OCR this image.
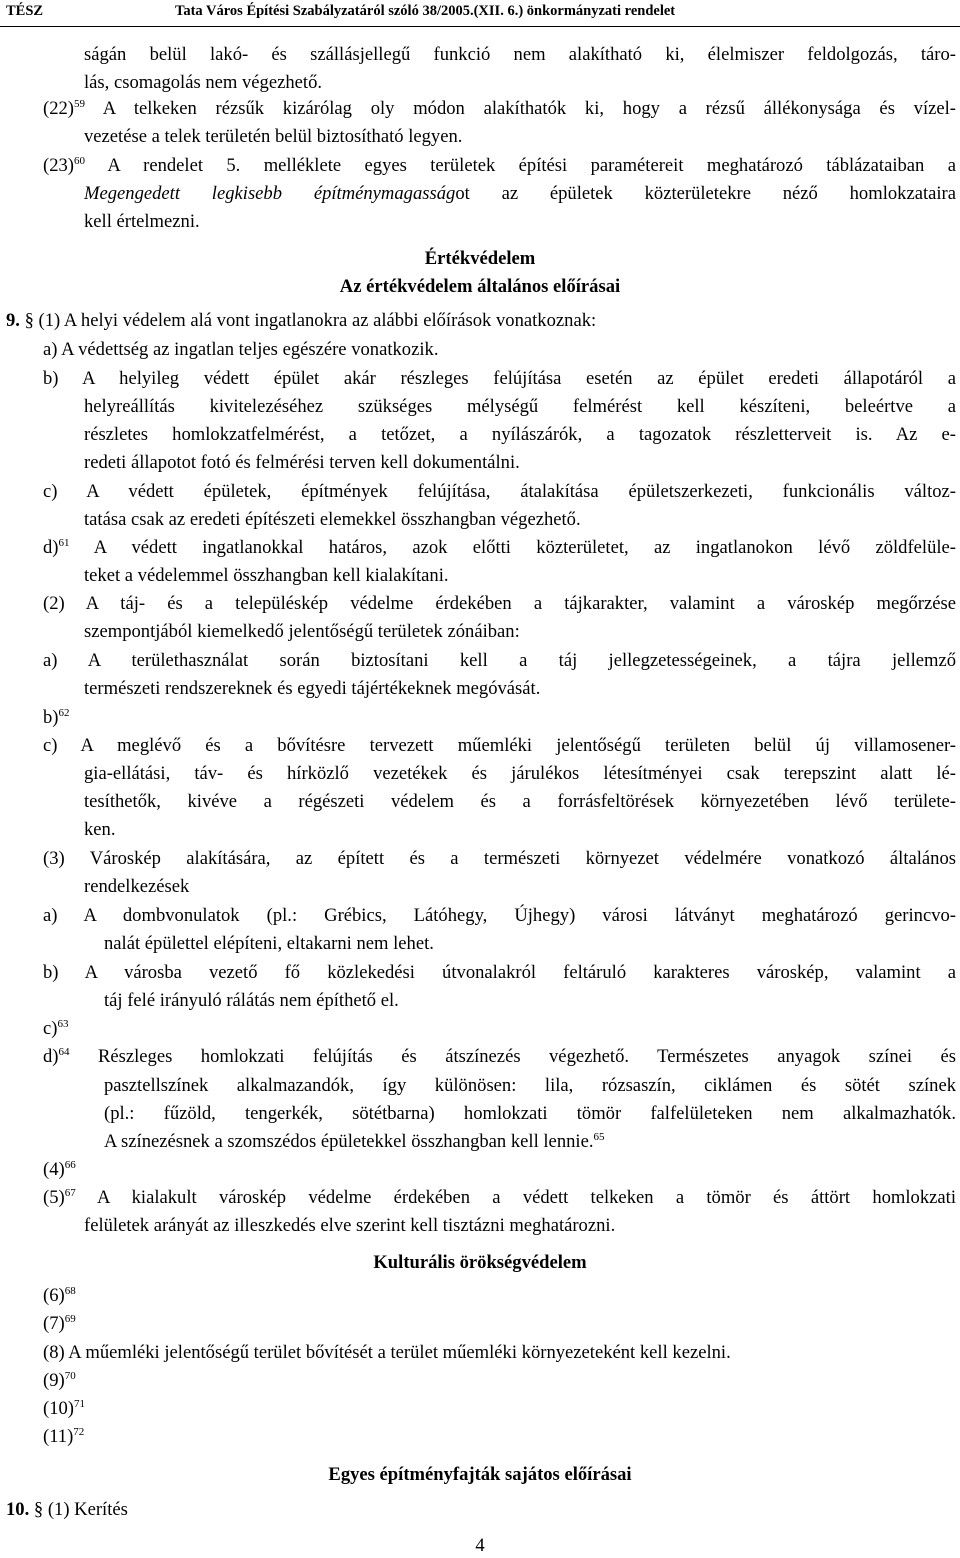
TÉSZ	Tata Város Építési Szabályzatáról szóló 38/2005.(XII. 6.) önkormányzati rendelet
ságán belül lakó- és szállásjellegű funkció nem alakítható ki, élelmiszer feldolgozás, táro-
lás, csomagolás nem végezhető.
$(22)^{59}$ A telkeken rézsűk kizárólag oly módon alakíthatók ki, hogy a rézsű állékonysága és vízel-
vezetése a telek területén belül biztosítható legyen.
$(23)^{60}$ A rendelet 5. melléklete egyes területek építési paramétereit meghatározó táblázataiban a
Megengedett legkisebb építménymagasságot az épületek közterületekre néző homlokzataira
kell értelmezni.
Értékvédelem
Az értékvédelem általános előírásai
9. § (1) A helyi védelem alá vont ingatlanokra az alábbi előírások vonatkoznak:
a) A védettség az ingatlan teljes egészére vonatkozik.
b) A helyileg védett épület akár részleges felújítása esetén az épület eredeti állapotáról a
helyreállítás kivitelezéséhez szükséges mélységű felmérést kell készíteni, beleértve a
részletes homlokzatfelmérést, a tetőzet, a nyílászárók, a tagozatok részletterveit is. Az e-
redeti állapotot fotó és felmérési terven kell dokumentálni.
c) A védett épületek, építmények felújítása, átalakítása épületszerkezeti, funkcionális változ-
tatása csak az eredeti építészeti elemekkel összhangban végezhető.
d)$^{61}$ A védett ingatlanokkal határos, azok előtti közterületet, az ingatlanokon lévő zöldfelüle-
teket a védelemmel összhangban kell kialakítani.
(2) A táj- és a településkép védelme érdekében a tájkarakter, valamint a városkép megőrzése
szempontjából kiemelkedő jelentőségű területek zónáiban:
a) A területhasználat során biztosítani kell a táj jellegzetességeinek, a tájra jellemző
természeti rendszereknek és egyedi tájértékeknek megóvását.
b)$^{62}$
c) A meglévő és a bővítésre tervezett műemléki jelentőségű területen belül új villamosener-
gia-ellátási, táv- és hírközlő vezetékek és járulékos létesítményei csak terepszint alatt lé-
tesíthetők, kivéve a régészeti védelem és a forrásfeltörések környezetében lévő területe-
ken.
(3) Városkép alakítására, az épített és a természeti környezet védelmére vonatkozó általános
rendelkezések
a) A dombvonulatok (pl.: Grébics, Látóhegy, Újhegy) városi látványt meghatározó gerincvo-
nalát épülettel elépíteni, eltakarni nem lehet.
b) A városba vezető fő közlekedési útvonalakról feltáruló karakteres városkép, valamint a
táj felé irányuló rálátás nem építhető el.
c)$^{63}$
d)$^{64}$ Részleges homlokzati felújítás és átszínezés végezhető. Természetes anyagok színei és
pasztellszínek alkalmazandók, így különösen: lila, rózsaszín, ciklámen és sötét színek
(pl.: fűzöld, tengerkék, sötétbarna) homlokzati tömör falfelületeken nem alkalmazhatók.
A színezésnek a szomszédos épületekkel összhangban kell lennie.$^{65}$
$(4)^{66}$
$(5)^{67}$ A kialakult városkép védelme érdekében a védett telkeken a tömör és áttört homlokzati
felületek arányát az illeszkedés elve szerint kell tisztázni meghatározni.
Kulturális örökségvédelem
$(6)^{68}$
$(7)^{69}$
(8) A műemléki jelentőségű terület bővítését a terület műemléki környezeteként kell kezelni.
$(9)^{70}$
$(10)^{71}$
$(11)^{72}$
Egyes építményfajták sajátos előírásai
10. § (1) Kerítés
4
